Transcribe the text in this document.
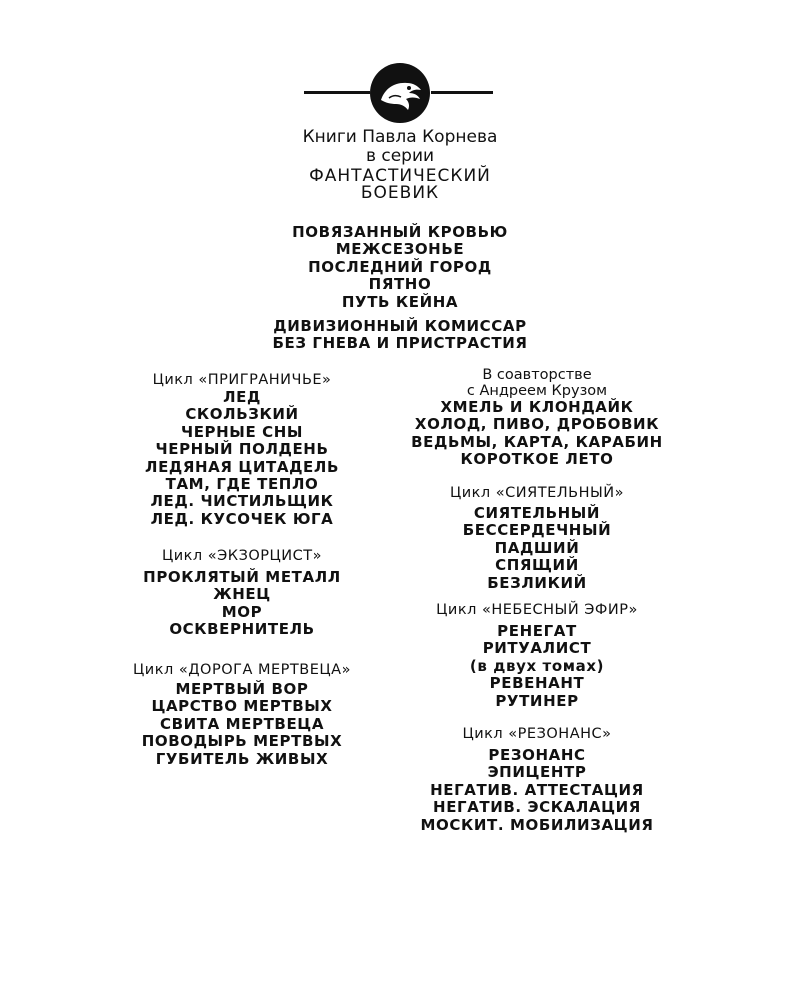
Книги Павла Корнева
в серии
ФАНТАСТИЧЕСКИЙ
БОЕВИК
ПОВЯЗАННЫЙ КРОВЬЮ
МЕЖСЕЗОНЬЕ
ПОСЛЕДНИЙ ГОРОД
ПЯТНО
ПУТЬ КЕЙНА
ДИВИЗИОННЫЙ КОМИССАР
БЕЗ ГНЕВА И ПРИСТРАСТИЯ
Цикл «ПРИГРАНИЧЬЕ»
ЛЕД
СКОЛЬЗКИЙ
ЧЕРНЫЕ СНЫ
ЧЕРНЫЙ ПОЛДЕНЬ
ЛЕДЯНАЯ ЦИТАДЕЛЬ
ТАМ, ГДЕ ТЕПЛО
ЛЕД. ЧИСТИЛЬЩИК
ЛЕД. КУСОЧЕК ЮГА
Цикл «ЭКЗОРЦИСТ»
ПРОКЛЯТЫЙ МЕТАЛЛ
ЖНЕЦ
МОР
ОСКВЕРНИТЕЛЬ
Цикл «ДОРОГА МЕРТВЕЦА»
МЕРТВЫЙ ВОР
ЦАРСТВО МЕРТВЫХ
СВИТА МЕРТВЕЦА
ПОВОДЫРЬ МЕРТВЫХ
ГУБИТЕЛЬ ЖИВЫХ
В соавторстве
с Андреем Крузом
ХМЕЛЬ И КЛОНДАЙК
ХОЛОД, ПИВО, ДРОБОВИК
ВЕДЬМЫ, КАРТА, КАРАБИН
КОРОТКОЕ ЛЕТО
Цикл «СИЯТЕЛЬНЫЙ»
СИЯТЕЛЬНЫЙ
БЕССЕРДЕЧНЫЙ
ПАДШИЙ
СПЯЩИЙ
БЕЗЛИКИЙ
Цикл «НЕБЕСНЫЙ ЭФИР»
РЕНЕГАТ
РИТУАЛИСТ
(в двух томах)
РЕВЕНАНТ
РУТИНЕР
Цикл «РЕЗОНАНС»
РЕЗОНАНС
ЭПИЦЕНТР
НЕГАТИВ. АТТЕСТАЦИЯ
НЕГАТИВ. ЭСКАЛАЦИЯ
МОСКИТ. МОБИЛИЗАЦИЯ
